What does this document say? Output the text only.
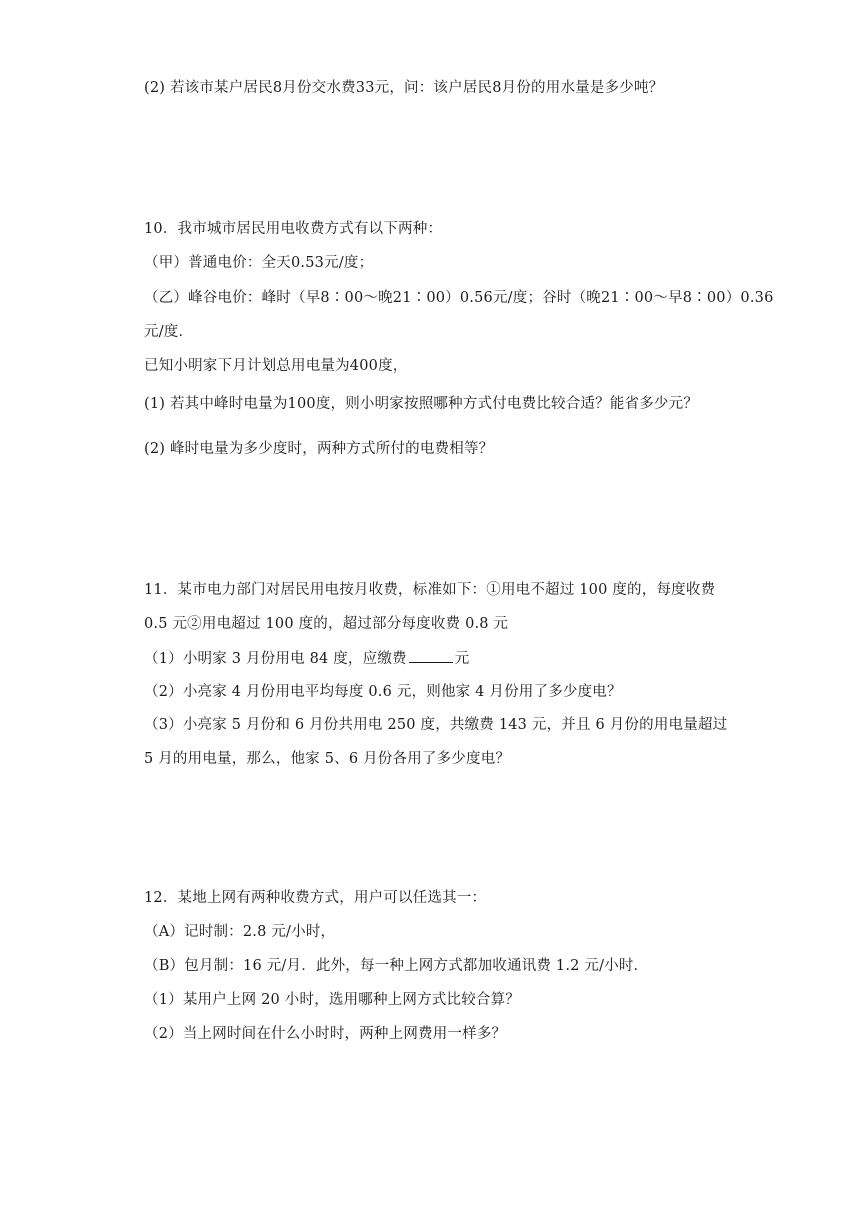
(2) 若该市某户居民8月份交水费33元，问：该户居民8月份的用水量是多少吨？
10．我市城市居民用电收费方式有以下两种：
（甲）普通电价：全天0.53元/度；
（乙）峰谷电价：峰时（早8∶00～晚21∶00）0.56元/度；谷时（晚21∶00～早8∶00）0.36
元/度．
已知小明家下月计划总用电量为400度，
(1) 若其中峰时电量为100度，则小明家按照哪种方式付电费比较合适？能省多少元？
(2) 峰时电量为多少度时，两种方式所付的电费相等？
11．某市电力部门对居民用电按月收费，标准如下：①用电不超过 100 度的，每度收费
0.5 元②用电超过 100 度的，超过部分每度收费 0.8 元
（1）小明家 3 月份用电 84 度，应缴费	元
（2）小亮家 4 月份用电平均每度 0.6 元，则他家 4 月份用了多少度电？
（3）小亮家 5 月份和 6 月份共用电 250 度，共缴费 143 元，并且 6 月份的用电量超过
5 月的用电量，那么，他家 5、6 月份各用了多少度电？
12．某地上网有两种收费方式，用户可以任选其一：
（A）记时制：2.8 元/小时，
（B）包月制：16 元/月．此外，每一种上网方式都加收通讯费 1.2 元/小时．
（1）某用户上网 20 小时，选用哪种上网方式比较合算？
（2）当上网时间在什么小时时，两种上网费用一样多？
